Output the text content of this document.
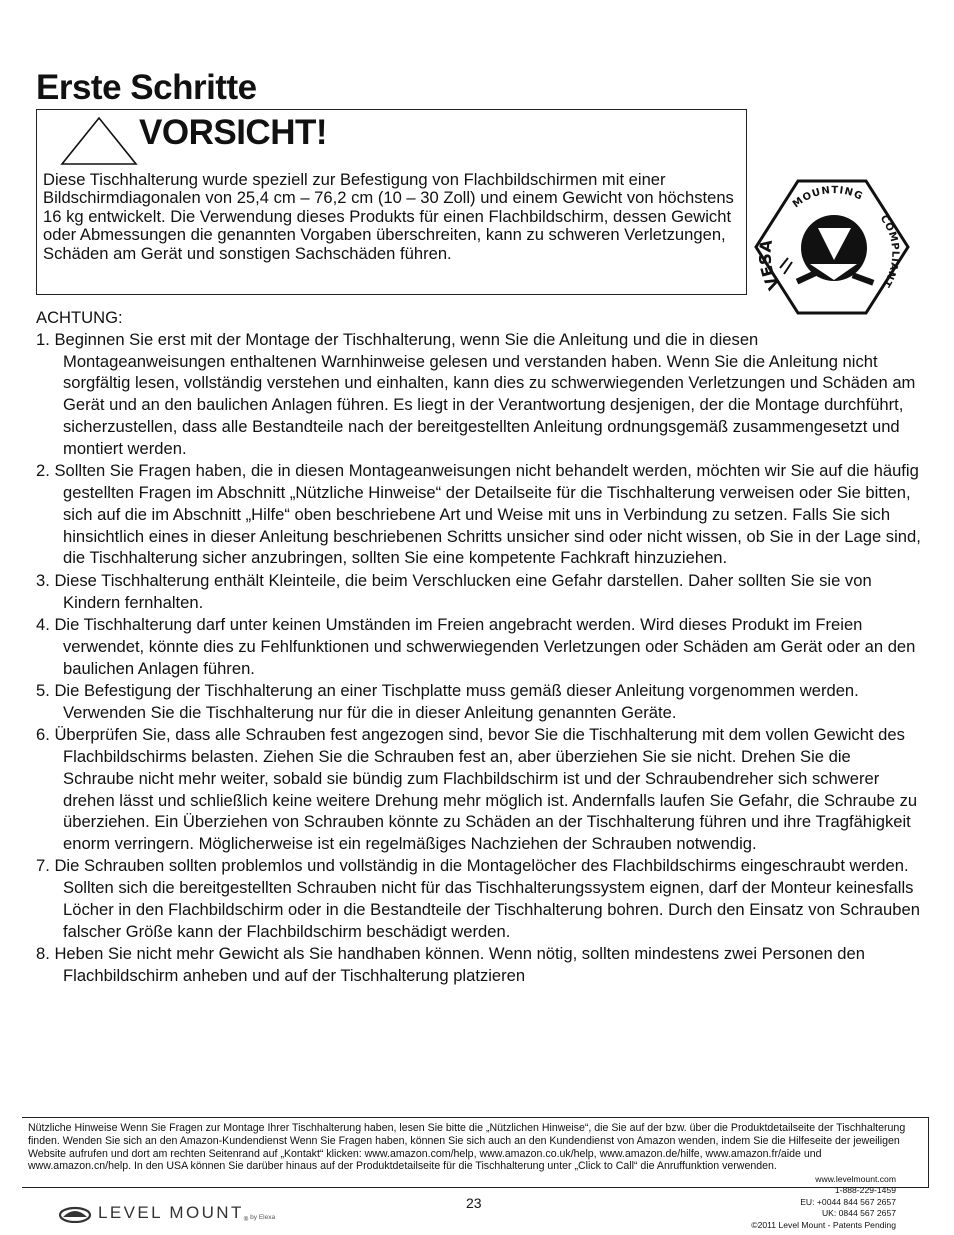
Erste Schritte
VORSICHT!

Diese Tischhalterung wurde speziell zur Befestigung von Flachbildschirmen mit einer Bildschirmdiagonalen von 25,4 cm – 76,2 cm (10 – 30 Zoll) und einem Gewicht von höchstens 16 kg entwickelt. Die Verwendung dieses Produkts für einen Flachbildschirm, dessen Gewicht oder Abmessungen die genannten Vorgaben überschreiten, kann zu schweren Verletzungen, Schäden am Gerät und sonstigen Sachschäden führen.

VESA
MOUNTING
COMPLIANT

ACHTUNG:

1. Beginnen Sie erst mit der Montage der Tischhalterung, wenn Sie die Anleitung und die in diesen Montageanweisungen enthaltenen Warnhinweise gelesen und verstanden haben. Wenn Sie die Anleitung nicht sorgfältig lesen, vollständig verstehen und einhalten, kann dies zu schwerwiegenden Verletzungen und Schäden am Gerät und an den baulichen Anlagen führen. Es liegt in der Verantwortung desjenigen, der die Montage durchführt, sicherzustellen, dass alle Bestandteile nach der bereitgestellten Anleitung ordnungsgemäß zusammengesetzt und montiert werden.
2. Sollten Sie Fragen haben, die in diesen Montageanweisungen nicht behandelt werden, möchten wir Sie auf die häufig gestellten Fragen im Abschnitt „Nützliche Hinweise“ der Detailseite für die Tischhalterung verweisen oder Sie bitten, sich auf die im Abschnitt „Hilfe“ oben beschriebene Art und Weise mit uns in Verbindung zu setzen. Falls Sie sich hinsichtlich eines in dieser Anleitung beschriebenen Schritts unsicher sind oder nicht wissen, ob Sie in der Lage sind, die Tischhalterung sicher anzubringen, sollten Sie eine kompetente Fachkraft hinzuziehen.
3. Diese Tischhalterung enthält Kleinteile, die beim Verschlucken eine Gefahr darstellen. Daher sollten Sie sie von Kindern fernhalten.
4. Die Tischhalterung darf unter keinen Umständen im Freien angebracht werden. Wird dieses Produkt im Freien verwendet, könnte dies zu Fehlfunktionen und schwerwiegenden Verletzungen oder Schäden am Gerät oder an den baulichen Anlagen führen.
5. Die Befestigung der Tischhalterung an einer Tischplatte muss gemäß dieser Anleitung vorgenommen werden. Verwenden Sie die Tischhalterung nur für die in dieser Anleitung genannten Geräte.
6. Überprüfen Sie, dass alle Schrauben fest angezogen sind, bevor Sie die Tischhalterung mit dem vollen Gewicht des Flachbildschirms belasten. Ziehen Sie die Schrauben fest an, aber überziehen Sie sie nicht. Drehen Sie die Schraube nicht mehr weiter, sobald sie bündig zum Flachbildschirm ist und der Schraubendreher sich schwerer drehen lässt und schließlich keine weitere Drehung mehr möglich ist. Andernfalls laufen Sie Gefahr, die Schraube zu überziehen. Ein Überziehen von Schrauben könnte zu Schäden an der Tischhalterung führen und ihre Tragfähigkeit enorm verringern. Möglicherweise ist ein regelmäßiges Nachziehen der Schrauben notwendig.
7. Die Schrauben sollten problemlos und vollständig in die Montagelöcher des Flachbildschirms eingeschraubt werden. Sollten sich die bereitgestellten Schrauben nicht für das Tischhalterungssystem eignen, darf der Monteur keinesfalls Löcher in den Flachbildschirm oder in die Bestandteile der Tischhalterung bohren. Durch den Einsatz von Schrauben falscher Größe kann der Flachbildschirm beschädigt werden.
8. Heben Sie nicht mehr Gewicht als Sie handhaben können. Wenn nötig, sollten mindestens zwei Personen den Flachbildschirm anheben und auf der Tischhalterung platzieren

Nützliche Hinweise Wenn Sie Fragen zur Montage Ihrer Tischhalterung haben, lesen Sie bitte die „Nützlichen Hinweise“, die Sie auf der bzw. über die Produktdetailseite der Tischhalterung finden. Wenden Sie sich an den Amazon-Kundendienst Wenn Sie Fragen haben, können Sie sich auch an den Kundendienst von Amazon wenden, indem Sie die Hilfeseite der jeweiligen Website aufrufen und dort am rechten Seitenrand auf „Kontakt“ klicken: www.amazon.com/help, www.amazon.co.uk/help, www.amazon.de/hilfe, www.amazon.fr/aide und www.amazon.cn/help. In den USA können Sie darüber hinaus auf der Produktdetailseite für die Tischhalterung unter „Click to Call“ die Anruffunktion verwenden.

LEVEL MOUNT ® by Elexa
23
www.levelmount.com
1-888-229-1459
EU: +0044 844 567 2657
UK: 0844 567 2657
©2011 Level Mount - Patents Pending
